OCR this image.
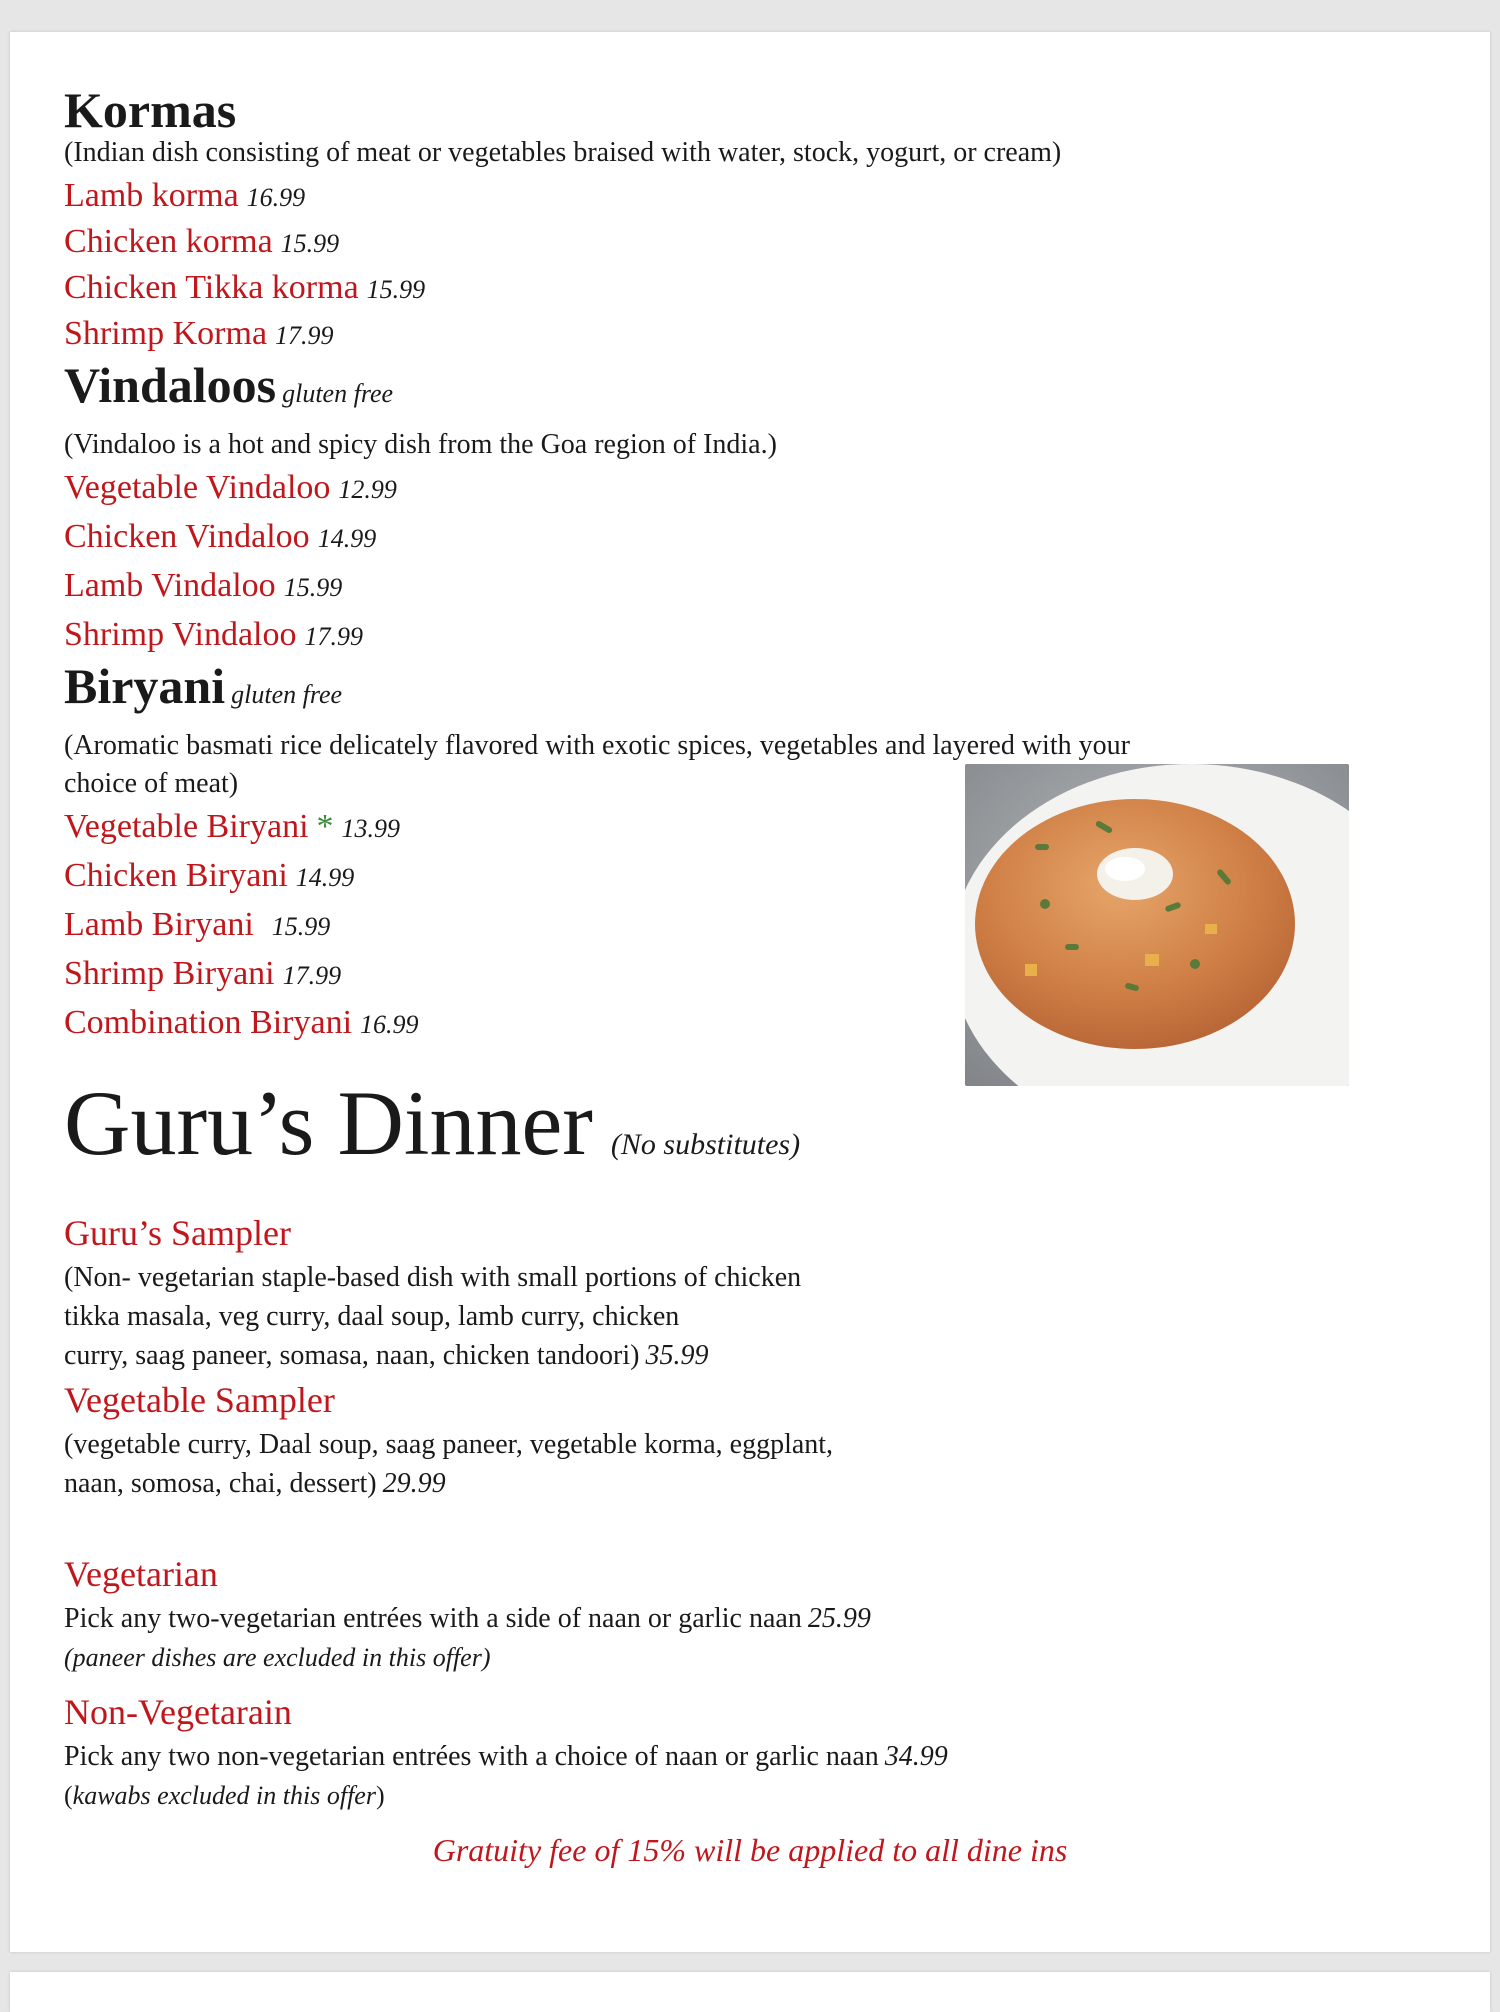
Kormas
(Indian dish consisting of meat or vegetables braised with water, stock, yogurt, or cream)
Lamb korma 16.99
Chicken korma 15.99
Chicken Tikka korma 15.99
Shrimp Korma 17.99
Vindaloos gluten free
(Vindaloo is a hot and spicy dish from the Goa region of India.)
Vegetable Vindaloo 12.99
Chicken Vindaloo 14.99
Lamb Vindaloo 15.99
Shrimp Vindaloo 17.99
Biryani gluten free
(Aromatic basmati rice delicately flavored with exotic spices, vegetables and layered with your
choice of meat)
Vegetable Biryani * 13.99
Chicken Biryani 14.99
Lamb Biryani 15.99
Shrimp Biryani 17.99
Combination Biryani 16.99
Guru’s Dinner (No substitutes)
Guru’s Sampler
(Non- vegetarian staple-based dish with small portions of chicken
tikka masala, veg curry, daal soup, lamb curry, chicken
curry, saag paneer, somasa, naan, chicken tandoori) 35.99
Vegetable Sampler
(vegetable curry, Daal soup, saag paneer, vegetable korma, eggplant,
naan, somosa, chai, dessert) 29.99
Vegetarian
Pick any two-vegetarian entrées with a side of naan or garlic naan 25.99
(paneer dishes are excluded in this offer)
Non-Vegetarain
Pick any two non-vegetarian entrées with a choice of naan or garlic naan 34.99
(kawabs excluded in this offer)
Gratuity fee of 15% will be applied to all dine ins
